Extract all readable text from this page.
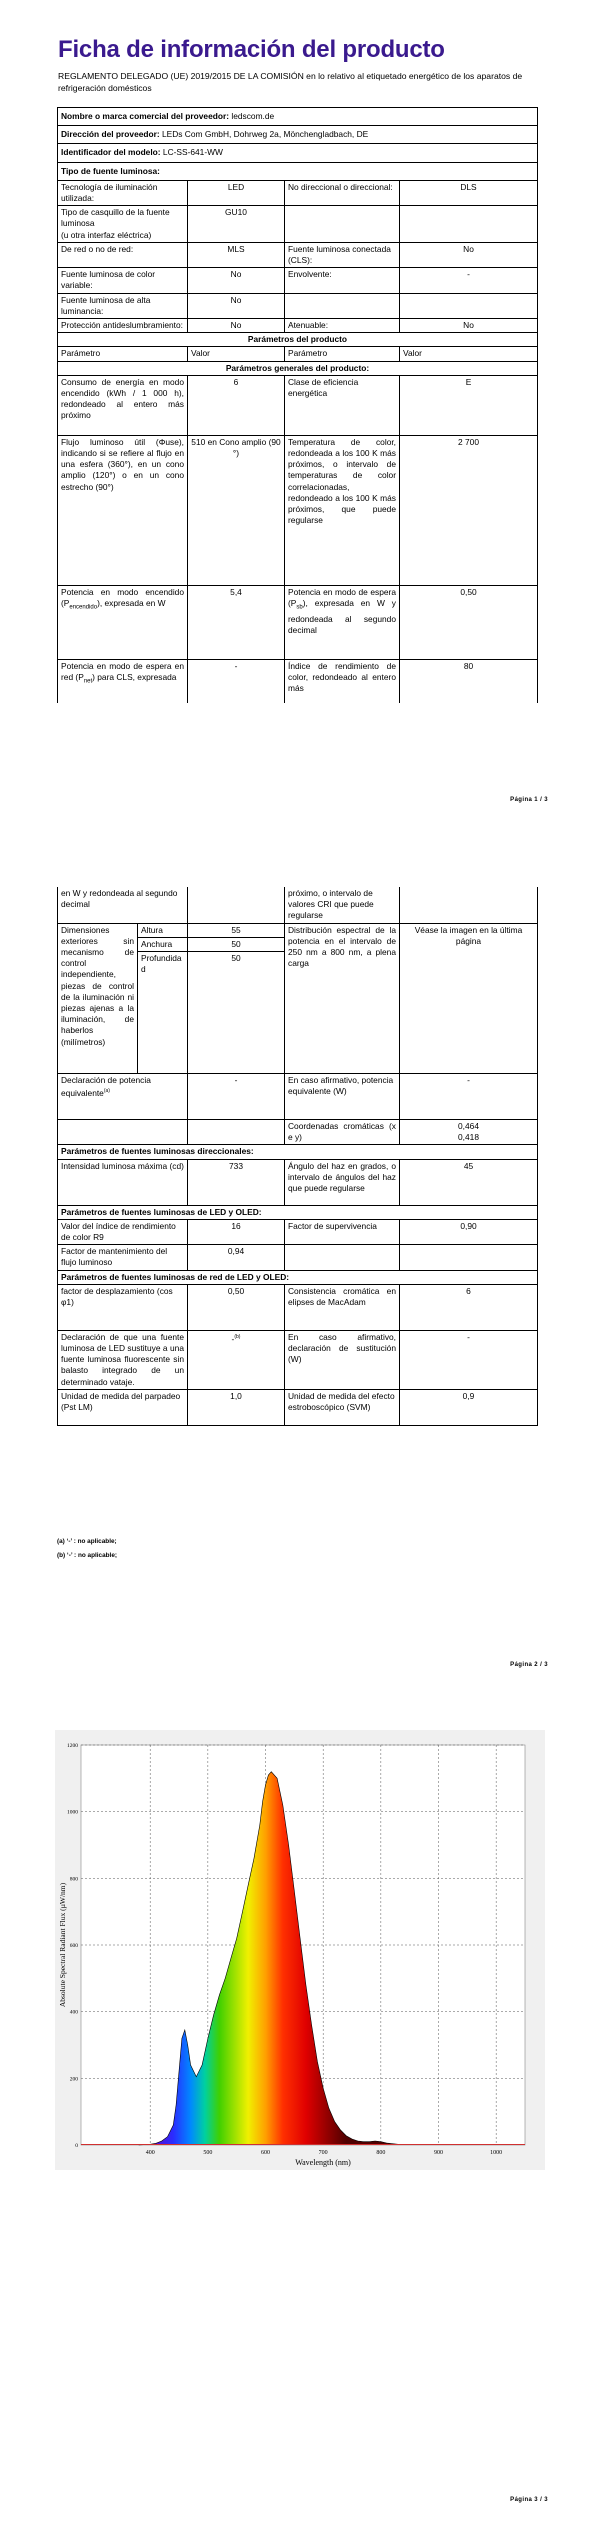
Ficha de información del producto
REGLAMENTO DELEGADO (UE) 2019/2015 DE LA COMISIÓN en lo relativo al etiquetado energético de los aparatos de refrigeración domésticos
Nombre o marca comercial del proveedor: ledscom.de			
Dirección del proveedor: LEDs Com GmbH, Dohrweg 2a, Mönchengladbach, DE			
Identificador del modelo: LC-SS-641-WW			
Tipo de fuente luminosa:			
Tecnología de iluminación utilizada:	LED	No direccional o direccional:	DLS
Tipo de casquillo de la fuente luminosa
(u otra interfaz eléctrica)	GU10		
De red o no de red:	MLS	Fuente luminosa conectada (CLS):	No
Fuente luminosa de color variable:	No	Envolvente:	-
Fuente luminosa de alta luminancia:	No		
Protección antideslumbramiento:	No	Atenuable:	No
Parámetros del producto			
Parámetro	Valor	Parámetro	Valor
Parámetros generales del producto:			
Consumo de energía en modo encendido (kWh / 1 000 h), redondeado al entero más próximo	6	Clase de eficiencia energética	E
Flujo luminoso útil (Φuse), indicando si se refiere al flujo en una esfera (360°), en un cono amplio (120°) o en un cono estrecho (90°)	510 en Cono amplio (90 °)	Temperatura de color, redondeada a los 100 K más próximos, o intervalo de temperaturas de color correlacionadas, redondeado a los 100 K más próximos, que puede regularse	2 700
Potencia en modo encendido $(P_{encendido})$, expresada en W	5,4	Potencia en modo de espera $(P_{sb})$, expresada en W y redondeada al segundo decimal	0,50
Potencia en modo de espera en red $(P_{net})$ para CLS, expresada	-	Índice de rendimiento de color, redondeado al entero más	80
Página 1 / 3
en W y redondeada al segundo decimal			próximo, o intervalo de valores CRI que puede regularse	
Dimensiones exteriores sin mecanismo de control independiente, piezas de control de la iluminación ni piezas ajenas a la iluminación, de haberlos (milímetros)	Altura	55	Distribución espectral de la potencia en el intervalo de 250 nm a 800 nm, a plena carga	Véase la imagen en la última página
	Anchura	50		
	Profundidad	50		
Declaración de potencia equivalente$^{(a)}$		-	En caso afirmativo, potencia equivalente (W)	-
			Coordenadas cromáticas (x e y)	0,464
0,418
Parámetros de fuentes luminosas direccionales:				
Intensidad luminosa máxima (cd)		733	Ángulo del haz en grados, o intervalo de ángulos del haz que puede regularse	45
Parámetros de fuentes luminosas de LED y OLED:				
Valor del índice de rendimiento de color R9		16	Factor de supervivencia	0,90
Factor de mantenimiento del flujo luminoso		0,94		
Parámetros de fuentes luminosas de red de LED y OLED:				
factor de desplazamiento (cos φ1)		0,50	Consistencia cromática en elipses de MacAdam	6
Declaración de que una fuente luminosa de LED sustituye a una fuente luminosa fluorescente sin balasto integrado de un determinado vataje.		-$^{(b)}$	En caso afirmativo, declaración de sustitución (W)	-
Unidad de medida del parpadeo (Pst LM)		1,0	Unidad de medida del efecto estroboscópico (SVM)	0,9
(a) ‘-’ : no aplicable;
(b) ‘-’ : no aplicable;
Página 2 / 3
400	500	600	700	800	900	1000
0
200
400
600
800
1000
1200
Wavelength (nm)
Absolute Spectral Radiant Flux (µW/nm)
Página 3 / 3
